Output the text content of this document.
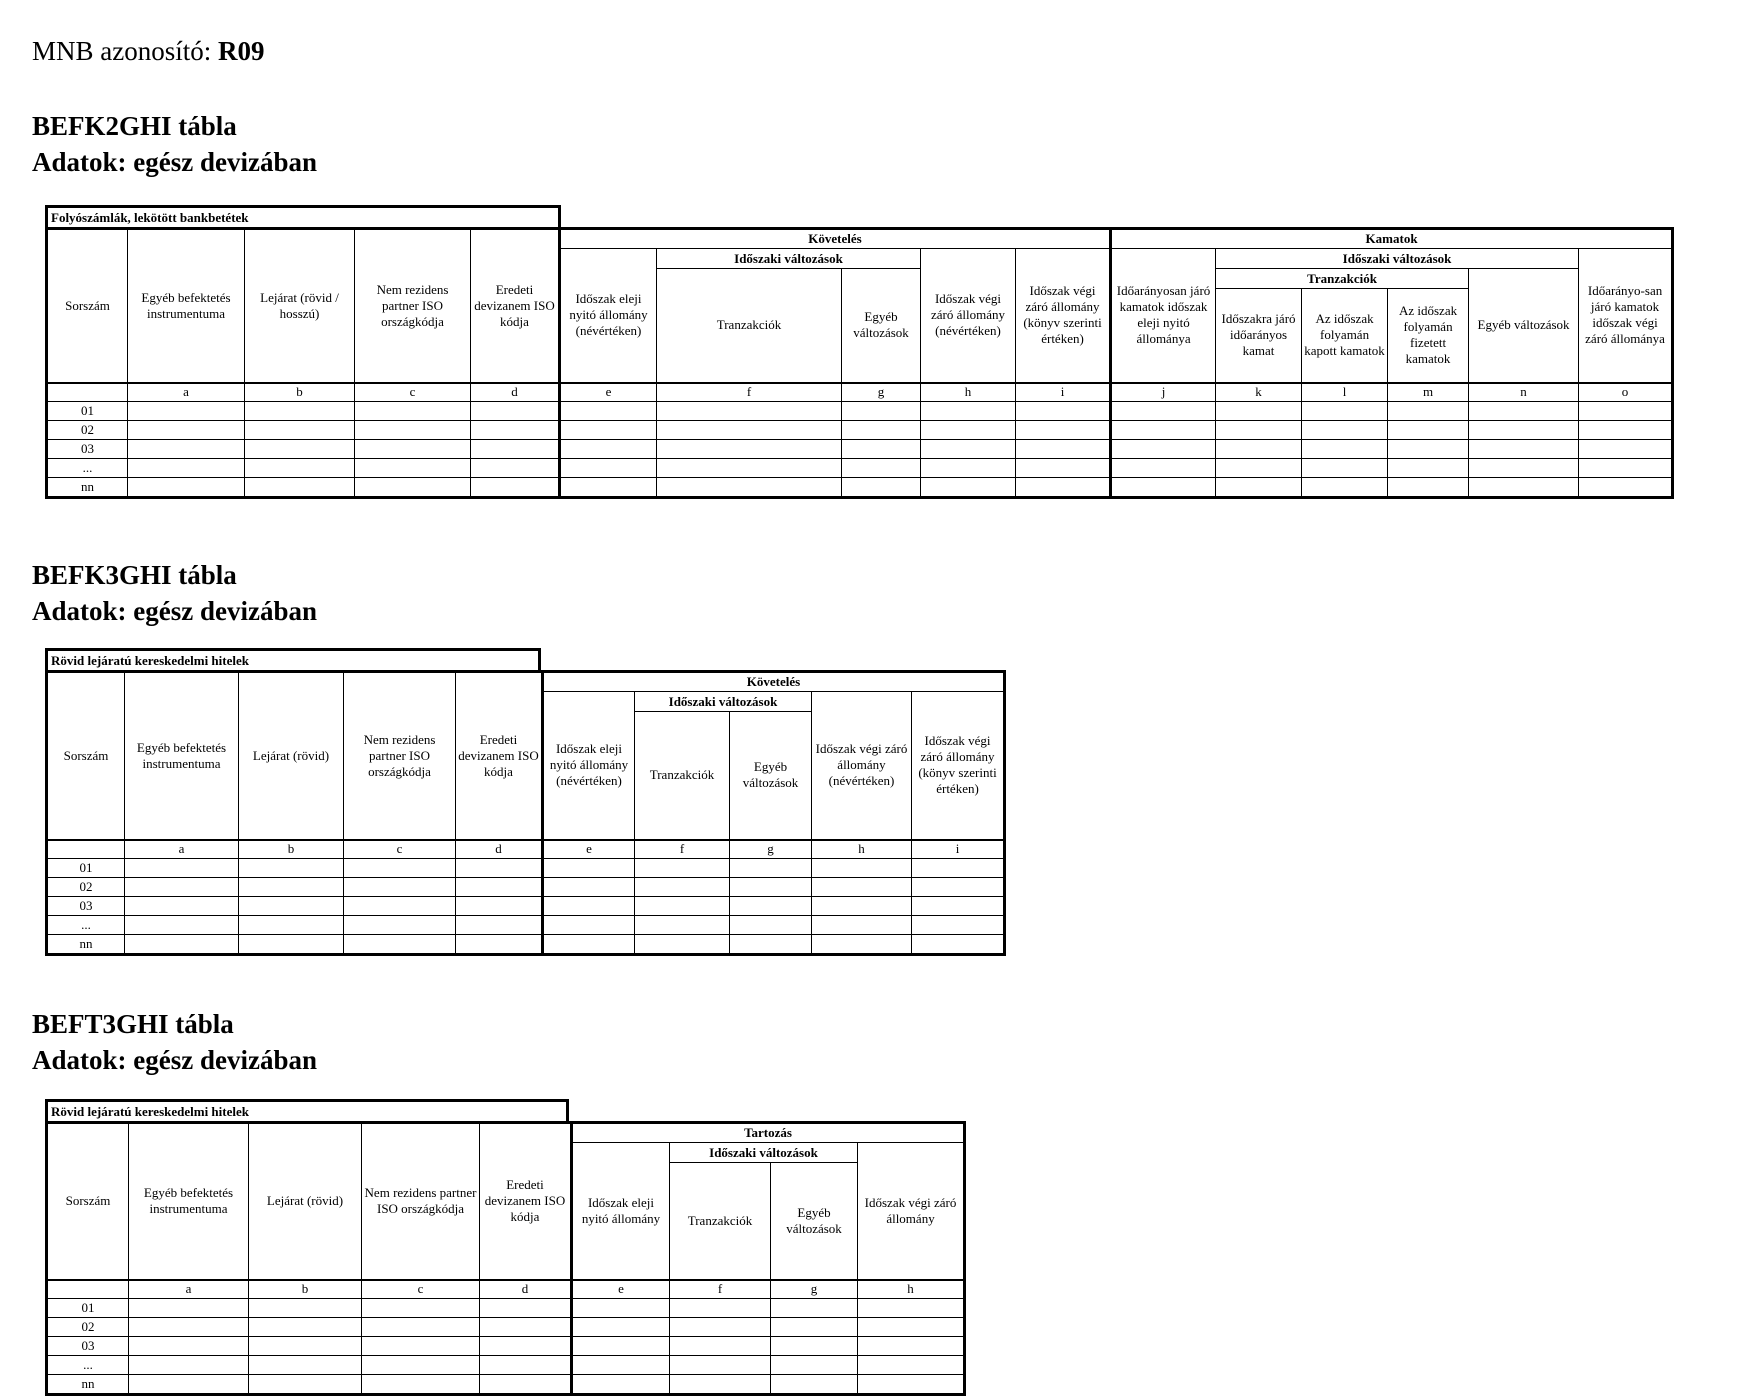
MNB azonosító: R09
BEFK2GHI tábla
Adatok: egész devizában
Folyószámlák, lekötött bankbetétek
Sorszám	Egyéb befektetés instrumentuma	Lejárat (rövid / hosszú)	Nem rezidens partner ISO országkódja	Eredeti devizanem ISO kódja	Követelés					Kamatok					
					Időszak eleji nyitó állomány (névértéken)	Időszaki változások		Időszak végi záró állomány (névértéken)	Időszak végi záró állomány (könyv szerinti értéken)	Időarányosan járó kamatok időszak eleji nyitó állománya	Időszaki változások				Időarányo-san járó kamatok időszak végi záró állománya
						Tranzakciók	Egyéb változások				Tranzakciók			Egyéb változások	
											Időszakra járó időarányos kamat	Az időszak folyamán kapott kamatok	Az időszak folyamán fizetett kamatok		
	a	b	c	d	e	f	g	h	i	j	k	l	m	n	o
01															
02															
03															
...															
nn															
BEFK3GHI tábla
Adatok: egész devizában
Rövid lejáratú kereskedelmi hitelek
Sorszám	Egyéb befektetés instrumentuma	Lejárat (rövid)	Nem rezidens partner ISO országkódja	Eredeti devizanem ISO kódja	Követelés				
					Időszak eleji nyitó állomány (névértéken)	Időszaki változások		Időszak végi záró állomány (névértéken)	Időszak végi záró állomány (könyv szerinti értéken)
						Tranzakciók	Egyéb változások		
	a	b	c	d	e	f	g	h	i
01									
02									
03									
...									
nn									
BEFT3GHI tábla
Adatok: egész devizában
Rövid lejáratú kereskedelmi hitelek
Sorszám	Egyéb befektetés instrumentuma	Lejárat (rövid)	Nem rezidens partner ISO országkódja	Eredeti devizanem ISO kódja	Tartozás			
					Időszak eleji nyitó állomány	Időszaki változások		Időszak végi záró állomány
						Tranzakciók	Egyéb változások	
	a	b	c	d	e	f	g	h
01								
02								
03								
...								
nn								
